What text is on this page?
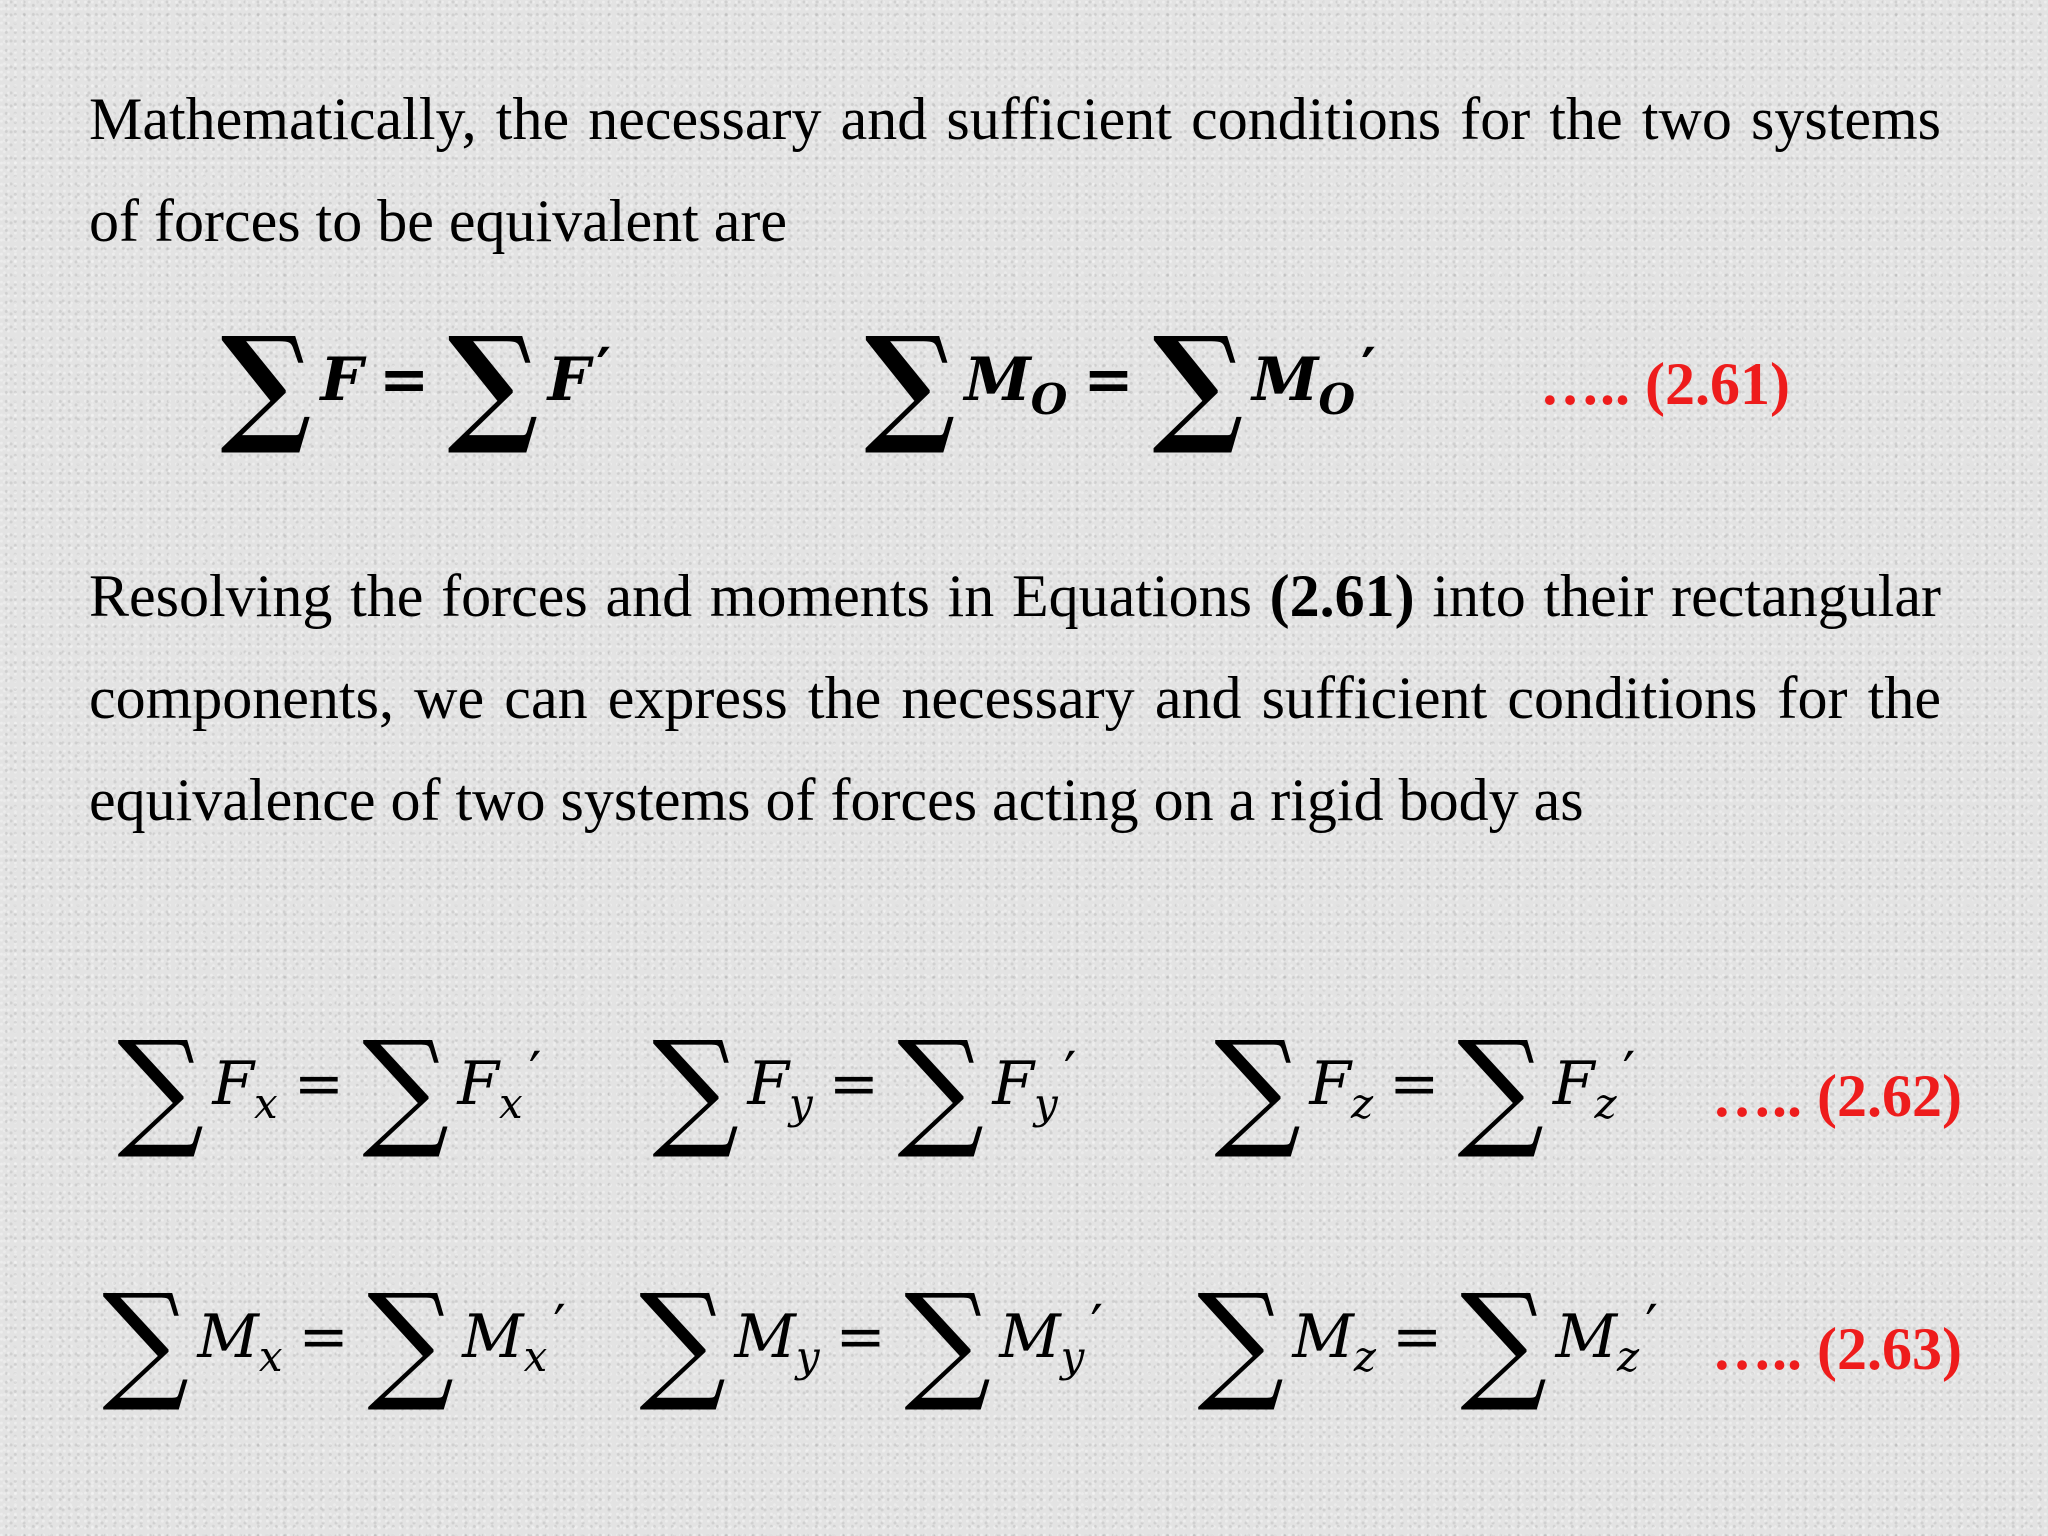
Mathematically, the necessary and sufficient conditions for the two systems of forces to be equivalent are
∑ F = ∑ F ′ ∑ $M_O$ = ∑ $M_O$ ′	….. (2.61)
Resolving the forces and moments in Equations (2.61) into their rectangular components, we can express the necessary and sufficient conditions for the equivalence of two systems of forces acting on a rigid body as
∑ $F_x$ = ∑ $F_x$ ′ ∑ $F_y$ = ∑ $F_y$ ′ ∑ $F_z$ = ∑ $F_z$ ′ ….. (2.62)
∑ $M_x$ = ∑ $M_x$ ′ ∑ $M_y$ = ∑ $M_y$ ′ ∑ $M_z$ = ∑ $M_z$ ′ ….. (2.63)
